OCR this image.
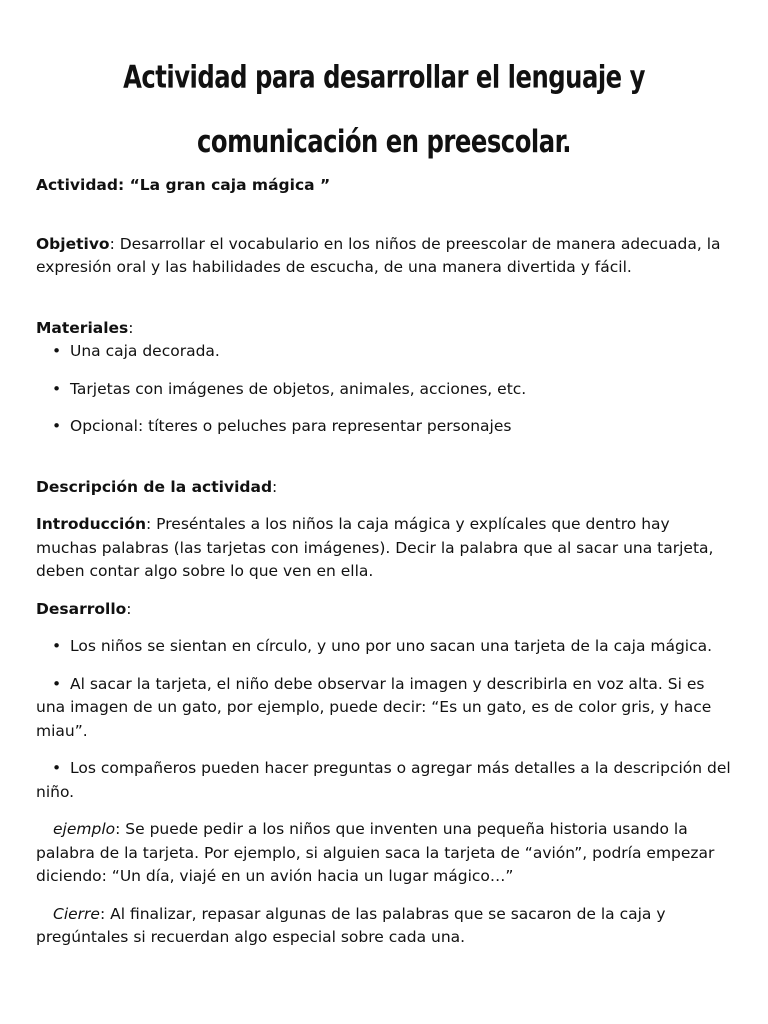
Actividad para desarrollar el lenguaje y comunicación en preescolar.

Actividad: “La gran caja mágica ”

Objetivo: Desarrollar el vocabulario en los niños de preescolar de manera adecuada, la expresión oral y las habilidades de escucha, de una manera divertida y fácil.

Materiales:

• Una caja decorada.
• Tarjetas con imágenes de objetos, animales, acciones, etc.
• Opcional: títeres o peluches para representar personajes

Descripción de la actividad:

Introducción: Preséntales a los niños la caja mágica y explícales que dentro hay muchas palabras (las tarjetas con imágenes). Decir la palabra que al sacar una tarjeta, deben contar algo sobre lo que ven en ella.

Desarrollo:

• Los niños se sientan en círculo, y uno por uno sacan una tarjeta de la caja mágica.

• Al sacar la tarjeta, el niño debe observar la imagen y describirla en voz alta. Si es una imagen de un gato, por ejemplo, puede decir: “Es un gato, es de color gris, y hace miau”.

• Los compañeros pueden hacer preguntas o agregar más detalles a la descripción del niño.

ejemplo: Se puede pedir a los niños que inventen una pequeña historia usando la palabra de la tarjeta. Por ejemplo, si alguien saca la tarjeta de “avión”, podría empezar diciendo: “Un día, viajé en un avión hacia un lugar mágico…”

Cierre: Al finalizar, repasar algunas de las palabras que se sacaron de la caja y pregúntales si recuerdan algo especial sobre cada una.
